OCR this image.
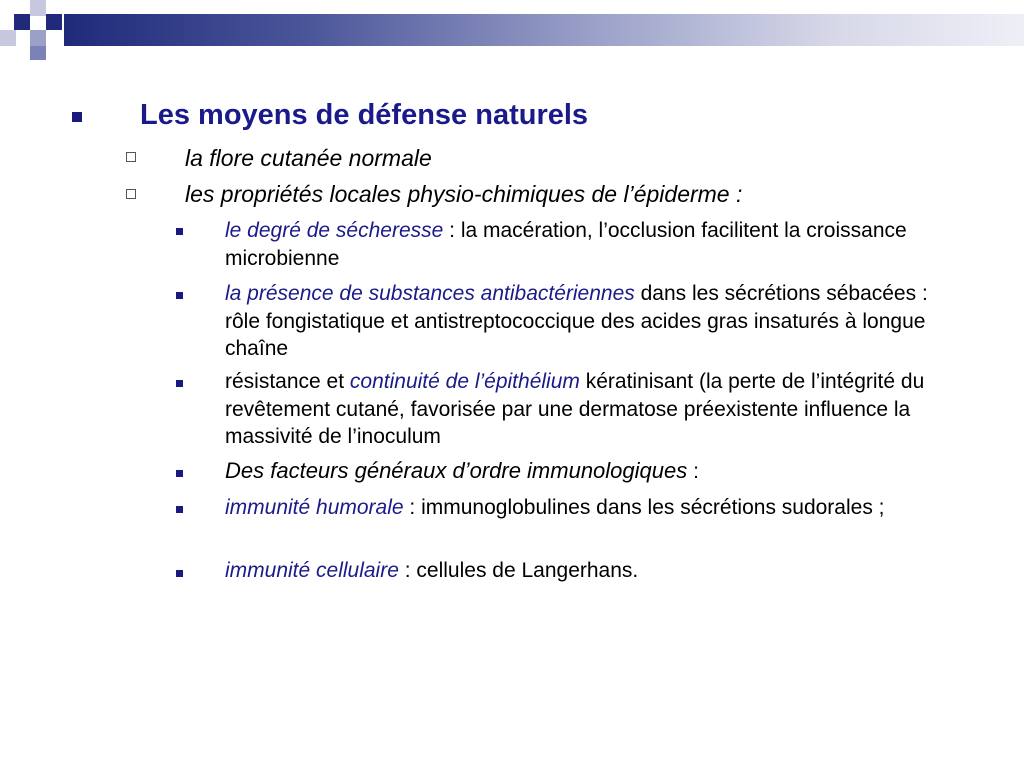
Les moyens de défense naturels
la flore cutanée normale
les propriétés locales physio-chimiques de l’épiderme :
le degré de sécheresse : la macération, l’occlusion facilitent la croissance microbienne
la présence de substances antibactériennes dans les sécrétions sébacées : rôle fongistatique et antistreptococcique des acides gras insaturés à longue chaîne
résistance et continuité de l’épithélium kératinisant (la perte de l’intégrité du revêtement cutané, favorisée par une dermatose préexistente influence la massivité de l’inoculum
Des facteurs généraux d’ordre immunologiques :
immunité humorale : immunoglobulines dans les sécrétions sudorales ;
immunité cellulaire : cellules de Langerhans.
